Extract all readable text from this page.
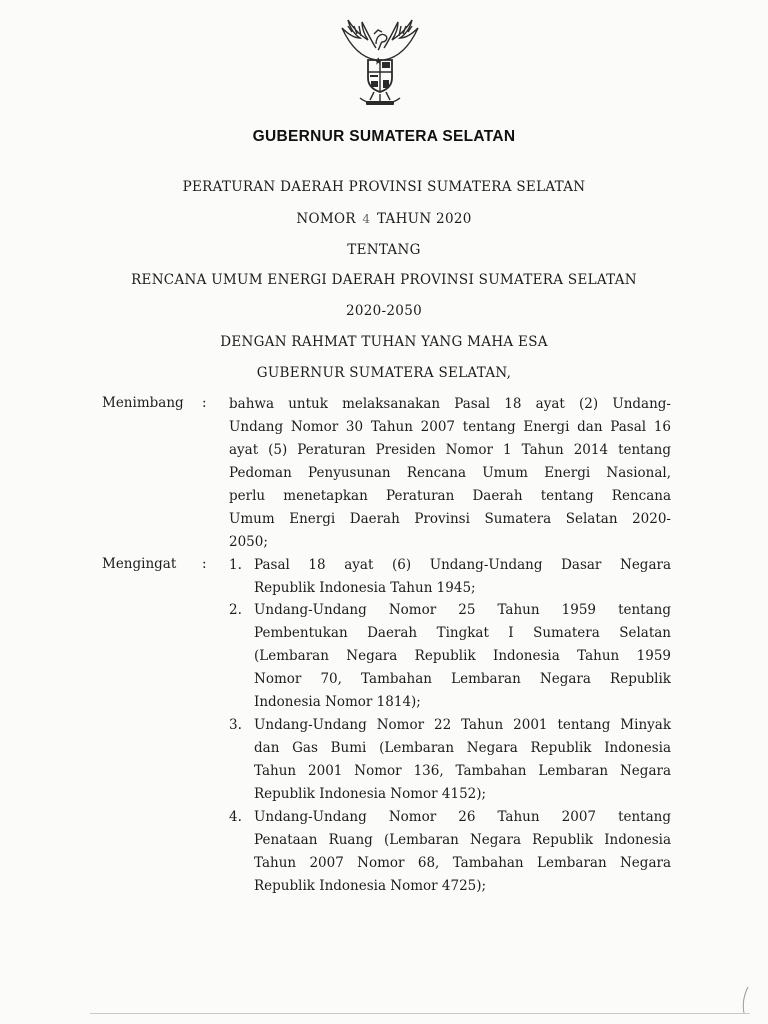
GUBERNUR SUMATERA SELATAN
PERATURAN DAERAH PROVINSI SUMATERA SELATAN
NOMOR 4 TAHUN 2020
TENTANG
RENCANA UMUM ENERGI DAERAH PROVINSI SUMATERA SELATAN
2020-2050
DENGAN RAHMAT TUHAN YANG MAHA ESA
GUBERNUR SUMATERA SELATAN,
Menimbang : bahwa untuk melaksanakan Pasal 18 ayat (2) Undang-
Undang Nomor 30 Tahun 2007 tentang Energi dan Pasal 16
ayat (5) Peraturan Presiden Nomor 1 Tahun 2014 tentang
Pedoman Penyusunan Rencana Umum Energi Nasional,
perlu menetapkan Peraturan Daerah tentang Rencana
Umum Energi Daerah Provinsi Sumatera Selatan 2020-
2050;
Mengingat : 1. Pasal 18 ayat (6) Undang-Undang Dasar Negara
Republik Indonesia Tahun 1945;
2. Undang-Undang Nomor 25 Tahun 1959 tentang
Pembentukan Daerah Tingkat I Sumatera Selatan
(Lembaran Negara Republik Indonesia Tahun 1959
Nomor 70, Tambahan Lembaran Negara Republik
Indonesia Nomor 1814);
3. Undang-Undang Nomor 22 Tahun 2001 tentang Minyak
dan Gas Bumi (Lembaran Negara Republik Indonesia
Tahun 2001 Nomor 136, Tambahan Lembaran Negara
Republik Indonesia Nomor 4152);
4. Undang-Undang Nomor 26 Tahun 2007 tentang
Penataan Ruang (Lembaran Negara Republik Indonesia
Tahun 2007 Nomor 68, Tambahan Lembaran Negara
Republik Indonesia Nomor 4725);
